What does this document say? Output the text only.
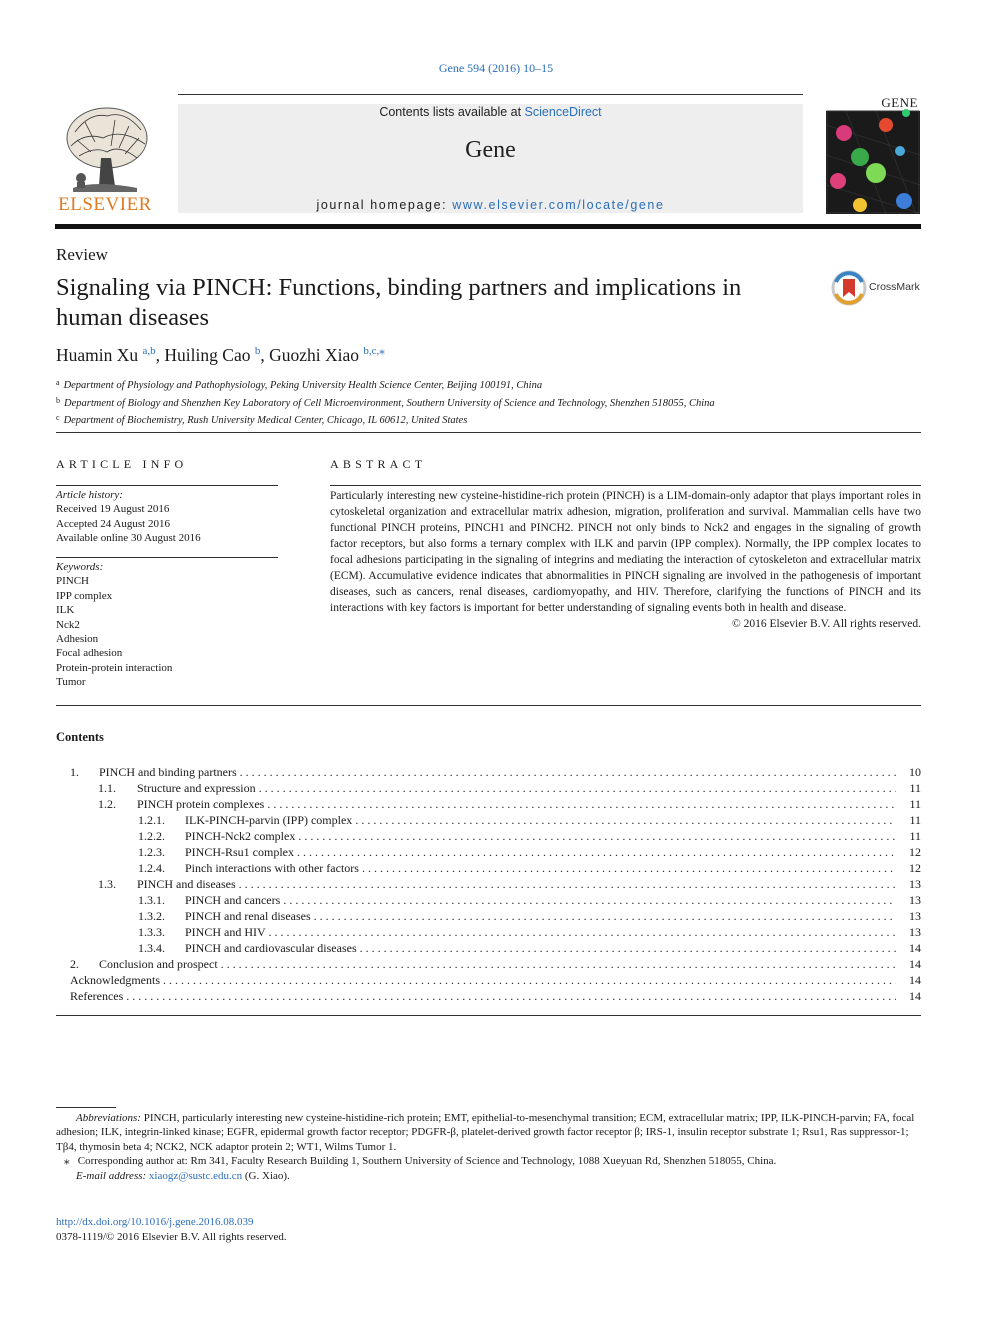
Gene 594 (2016) 10–15
ELSEVIER
Contents lists available at ScienceDirect
Gene
journal homepage: www.elsevier.com/locate/gene
GENE
Review
Signaling via PINCH: Functions, binding partners and implications in human diseases
CrossMark
Huamin Xu $^{a,b}$, Huiling Cao $^b$, Guozhi Xiao $^{b,c,⁎}$
$^a$ Department of Physiology and Pathophysiology, Peking University Health Science Center, Beijing 100191, China
$^b$ Department of Biology and Shenzhen Key Laboratory of Cell Microenvironment, Southern University of Science and Technology, Shenzhen 518055, China
$^c$ Department of Biochemistry, Rush University Medical Center, Chicago, IL 60612, United States
ARTICLE INFO
Article history:
Received 19 August 2016
Accepted 24 August 2016
Available online 30 August 2016
Keywords:
PINCH
IPP complex
ILK
Nck2
Adhesion
Focal adhesion
Protein-protein interaction
Tumor
ABSTRACT
Particularly interesting new cysteine-histidine-rich protein (PINCH) is a LIM-domain-only adaptor that plays important roles in cytoskeletal organization and extracellular matrix adhesion, migration, proliferation and survival. Mammalian cells have two functional PINCH proteins, PINCH1 and PINCH2. PINCH not only binds to Nck2 and engages in the signaling of growth factor receptors, but also forms a ternary complex with ILK and parvin (IPP complex). Normally, the IPP complex locates to focal adhesions participating in the signaling of integrins and mediating the interaction of cytoskeleton and extracellular matrix (ECM). Accumulative evidence indicates that abnormalities in PINCH signaling are involved in the pathogenesis of important diseases, such as cancers, renal diseases, cardiomyopathy, and HIV. Therefore, clarifying the functions of PINCH and its interactions with key factors is important for better understanding of signaling events both in health and disease.
© 2016 Elsevier B.V. All rights reserved.
Contents
1. PINCH and binding partners . . .	10
1.1. Structure and expression . . .	11
1.2. PINCH protein complexes . . .	11
1.2.1. ILK-PINCH-parvin (IPP) complex . . .	11
1.2.2. PINCH-Nck2 complex . . .	11
1.2.3. PINCH-Rsu1 complex . . .	12
1.2.4. Pinch interactions with other factors . . .	12
1.3. PINCH and diseases . . .	13
1.3.1. PINCH and cancers . . .	13
1.3.2. PINCH and renal diseases . . .	13
1.3.3. PINCH and HIV . . .	13
1.3.4. PINCH and cardiovascular diseases . . .	14
2. Conclusion and prospect . . .	14
Acknowledgments . . .	14
References . . .	14
Abbreviations: PINCH, particularly interesting new cysteine-histidine-rich protein; EMT, epithelial-to-mesenchymal transition; ECM, extracellular matrix; IPP, ILK-PINCH-parvin; FA, focal adhesion; ILK, integrin-linked kinase; EGFR, epidermal growth factor receptor; PDGFR-β, platelet-derived growth factor receptor β; IRS-1, insulin receptor substrate 1; Rsu1, Ras suppressor-1; Tβ4, thymosin beta 4; NCK2, NCK adaptor protein 2; WT1, Wilms Tumor 1.
⁎ Corresponding author at: Rm 341, Faculty Research Building 1, Southern University of Science and Technology, 1088 Xueyuan Rd, Shenzhen 518055, China.
E-mail address: xiaogz@sustc.edu.cn (G. Xiao).
http://dx.doi.org/10.1016/j.gene.2016.08.039
0378-1119/© 2016 Elsevier B.V. All rights reserved.
